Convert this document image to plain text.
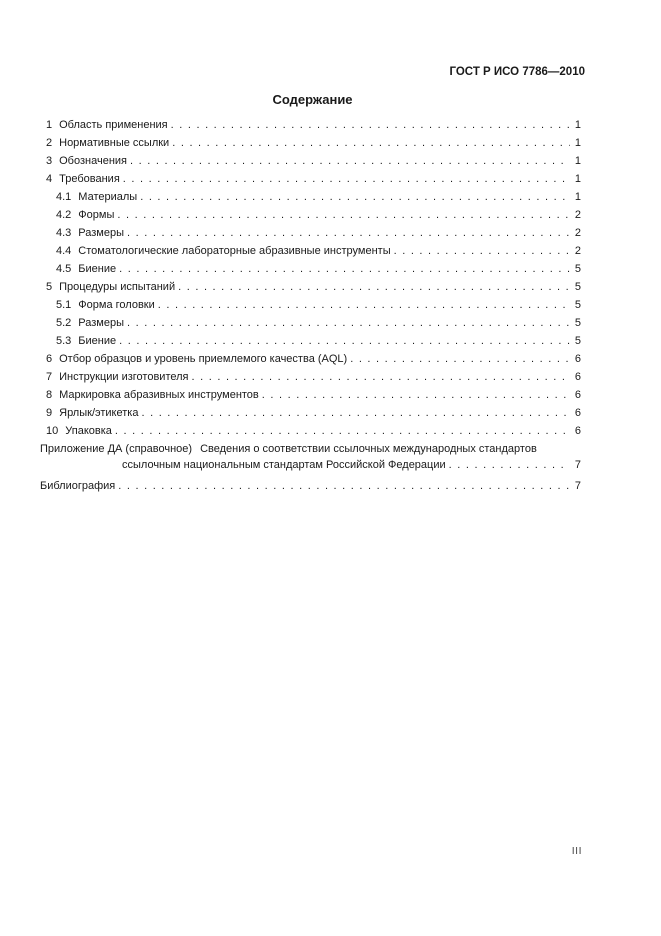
ГОСТ Р ИСО 7786—2010
Содержание
1 Область применения . . .	1
2 Нормативные ссылки . . .	1
3 Обозначения . . .	1
4 Требования . . .	1
4.1 Материалы . . .	1
4.2 Формы . . .	2
4.3 Размеры . . .	2
4.4 Стоматологические лабораторные абразивные инструменты . . .	2
4.5 Биение . . .	5
5 Процедуры испытаний . . .	5
5.1 Форма головки . . .	5
5.2 Размеры . . .	5
5.3 Биение . . .	5
6 Отбор образцов и уровень приемлемого качества (AQL) . . .	6
7 Инструкции изготовителя . . .	6
8 Маркировка абразивных инструментов . . .	6
9 Ярлык/этикетка . . .	6
10 Упаковка . . .	6
Приложение ДА (справочное) Сведения о соответствии ссылочных международных стандартов
ссылочным национальным стандартам Российской Федерации . . .	7
Библиография . . .	7
III
